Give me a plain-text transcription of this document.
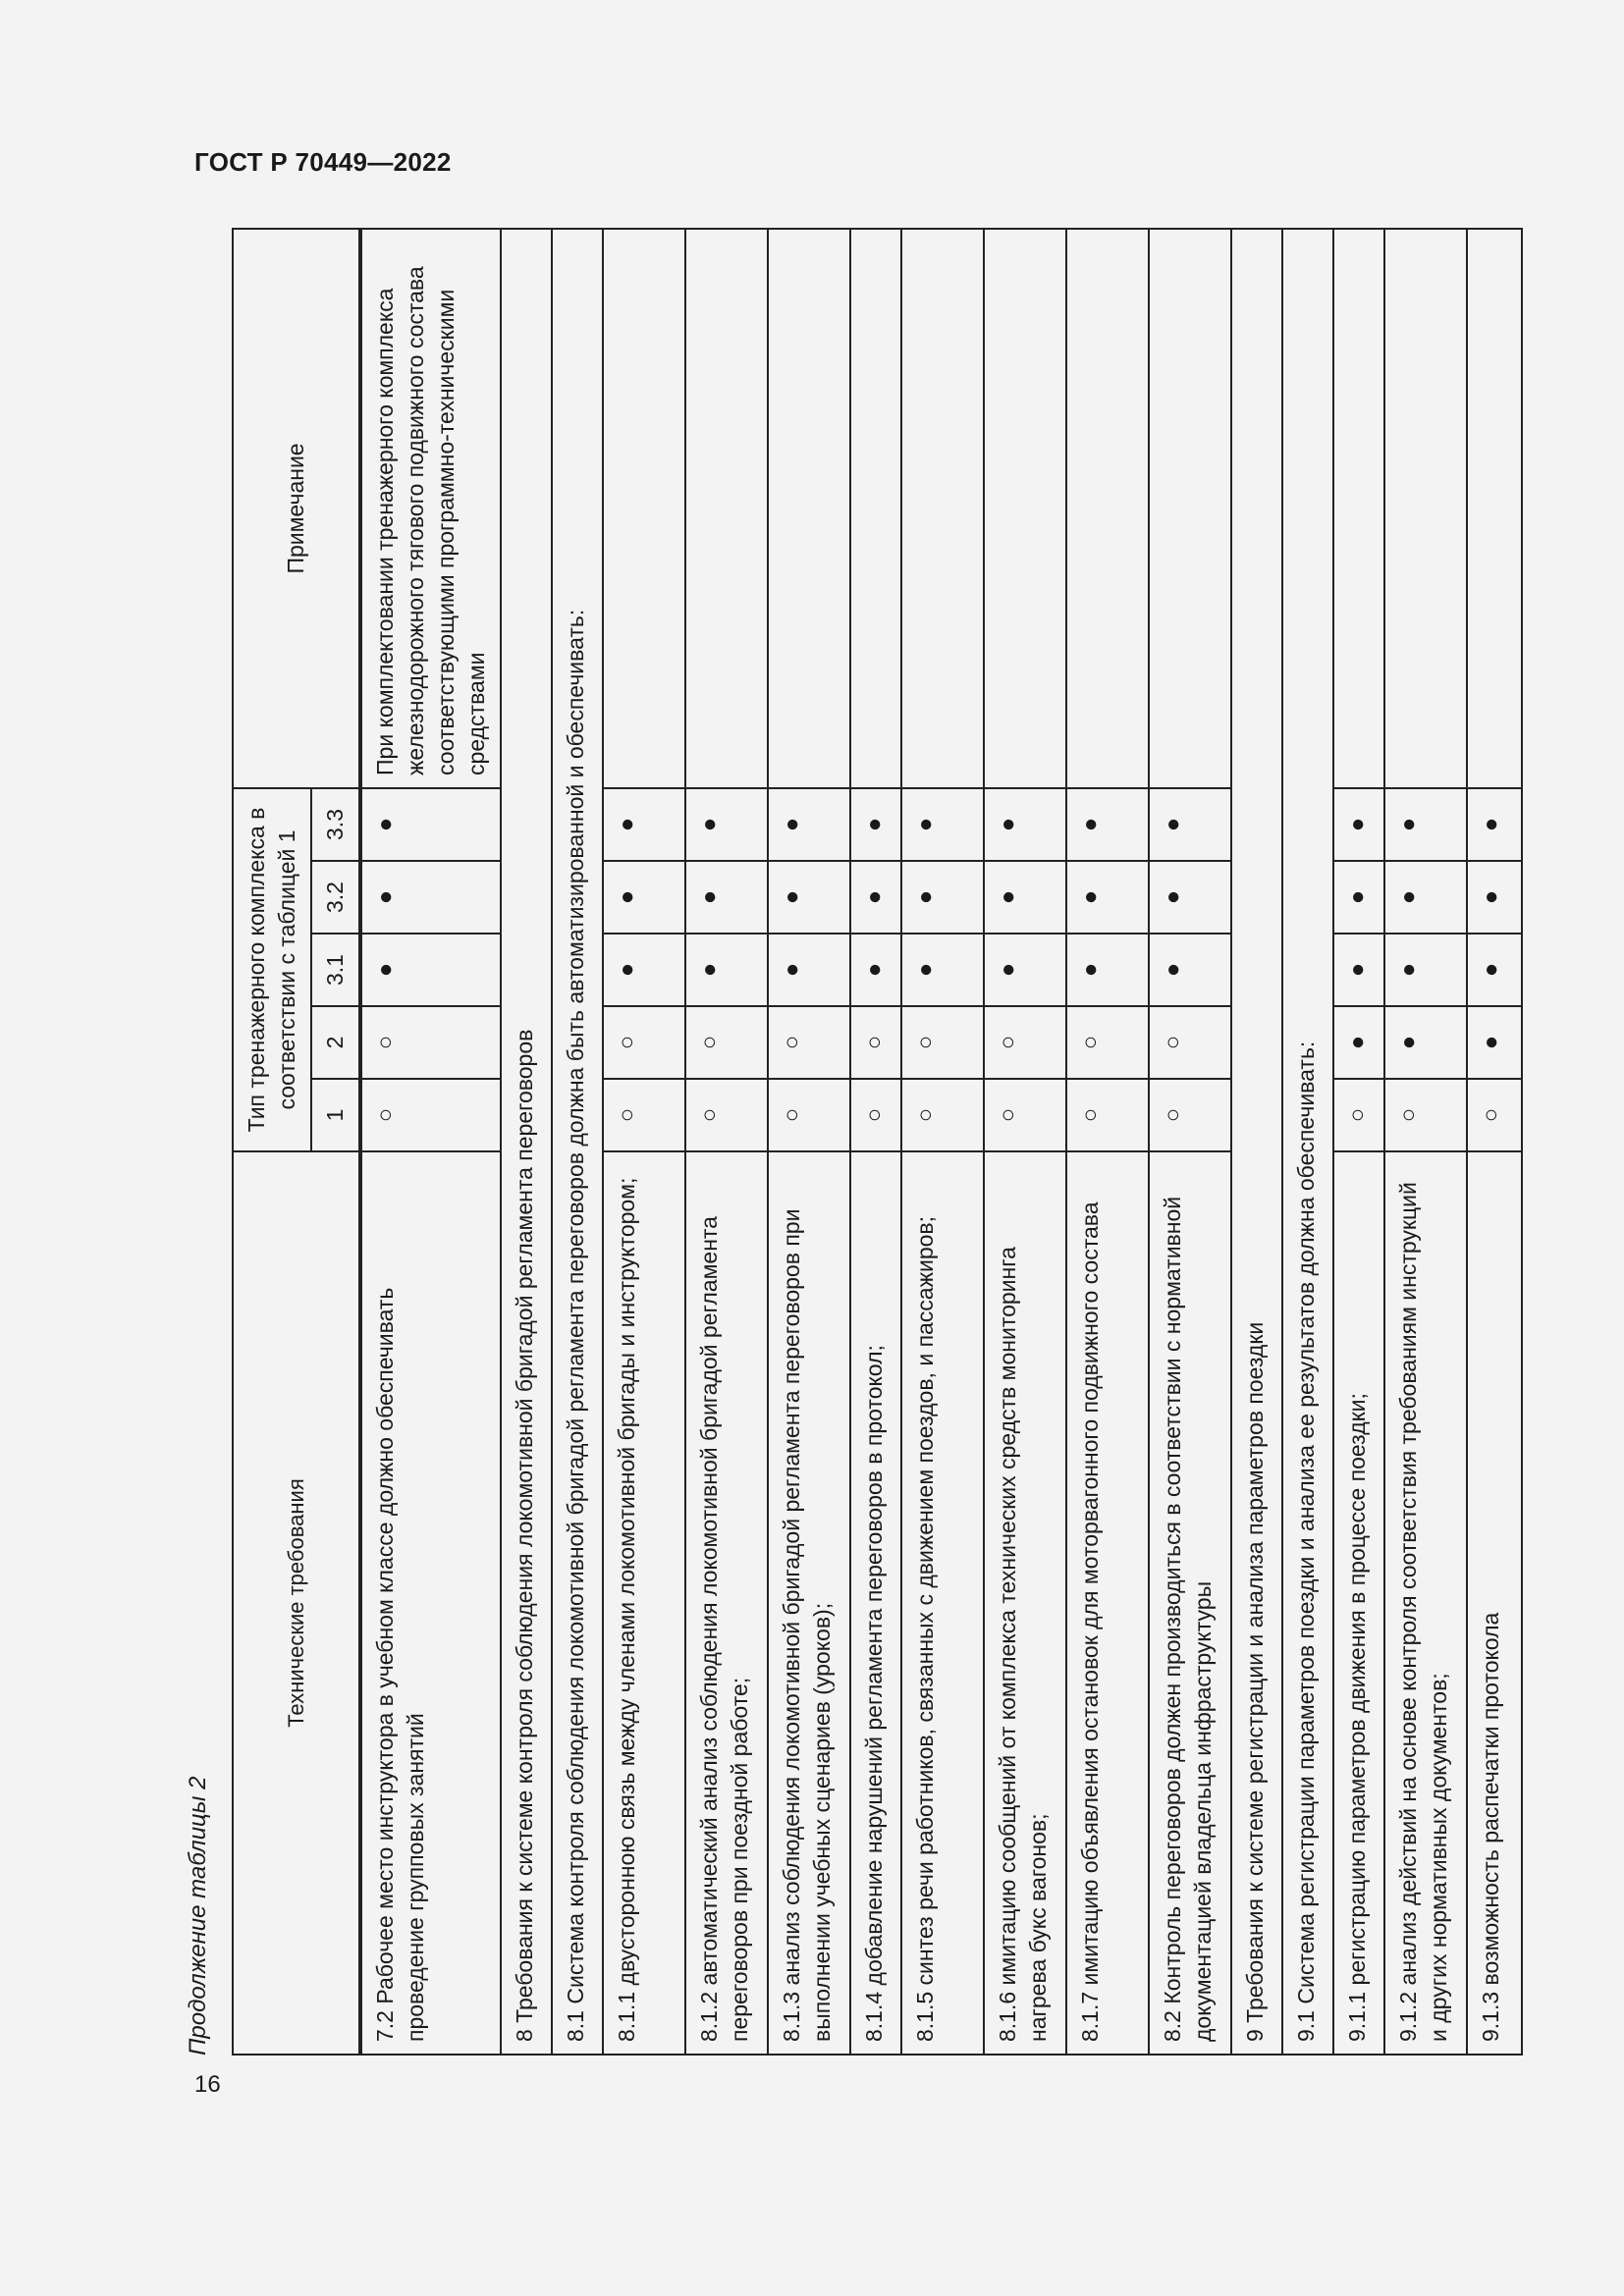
ГОСТ Р 70449—2022
16
Продолжение таблицы 2
Технические требования	Тип тренажерного комплекса в соответствии с таблицей 1					Примечание
	1	2	3.1	3.2	3.3	
7.2 Рабочее место инструктора в учебном классе должно обеспечивать проведение групповых занятий	○	○	●	●	●	При комплектовании тренажерного комплекса железнодорожного тягового подвижного состава соответствующими программно-техническими средствами
8 Требования к системе контроля соблюдения локомотивной бригадой регламента переговоров						
8.1 Система контроля соблюдения локомотивной бригадой регламента переговоров должна быть автоматизированной и обеспечивать:						
8.1.1 двусторонною связь между членами локомотивной бригады и инструктором;	○	○	●	●	●	
8.1.2 автоматический анализ соблюдения локомотивной бригадой регламента переговоров при поездной работе;	○	○	●	●	●	
8.1.3 анализ соблюдения локомотивной бригадой регламента переговоров при выполнении учебных сценариев (уроков);	○	○	●	●	●	
8.1.4 добавление нарушений регламента переговоров в протокол;	○	○	●	●	●	
8.1.5 синтез речи работников, связанных с движением поездов, и пассажиров;	○	○	●	●	●	
8.1.6 имитацию сообщений от комплекса технических средств мониторинга нагрева букс вагонов;	○	○	●	●	●	
8.1.7 имитацию объявления остановок для моторвагонного подвижного состава	○	○	●	●	●	
8.2 Контроль переговоров должен производиться в соответствии с нормативной документацией владельца инфраструктуры	○	○	●	●	●	
9 Требования к системе регистрации и анализа параметров поездки						
9.1 Система регистрации параметров поездки и анализа ее результатов должна обеспечивать:						
9.1.1 регистрацию параметров движения в процессе поездки;	○	●	●	●	●	
9.1.2 анализ действий на основе контроля соответствия требованиям инструкций и других нормативных документов;	○	●	●	●	●	
9.1.3 возможность распечатки протокола	○	●	●	●	●	
